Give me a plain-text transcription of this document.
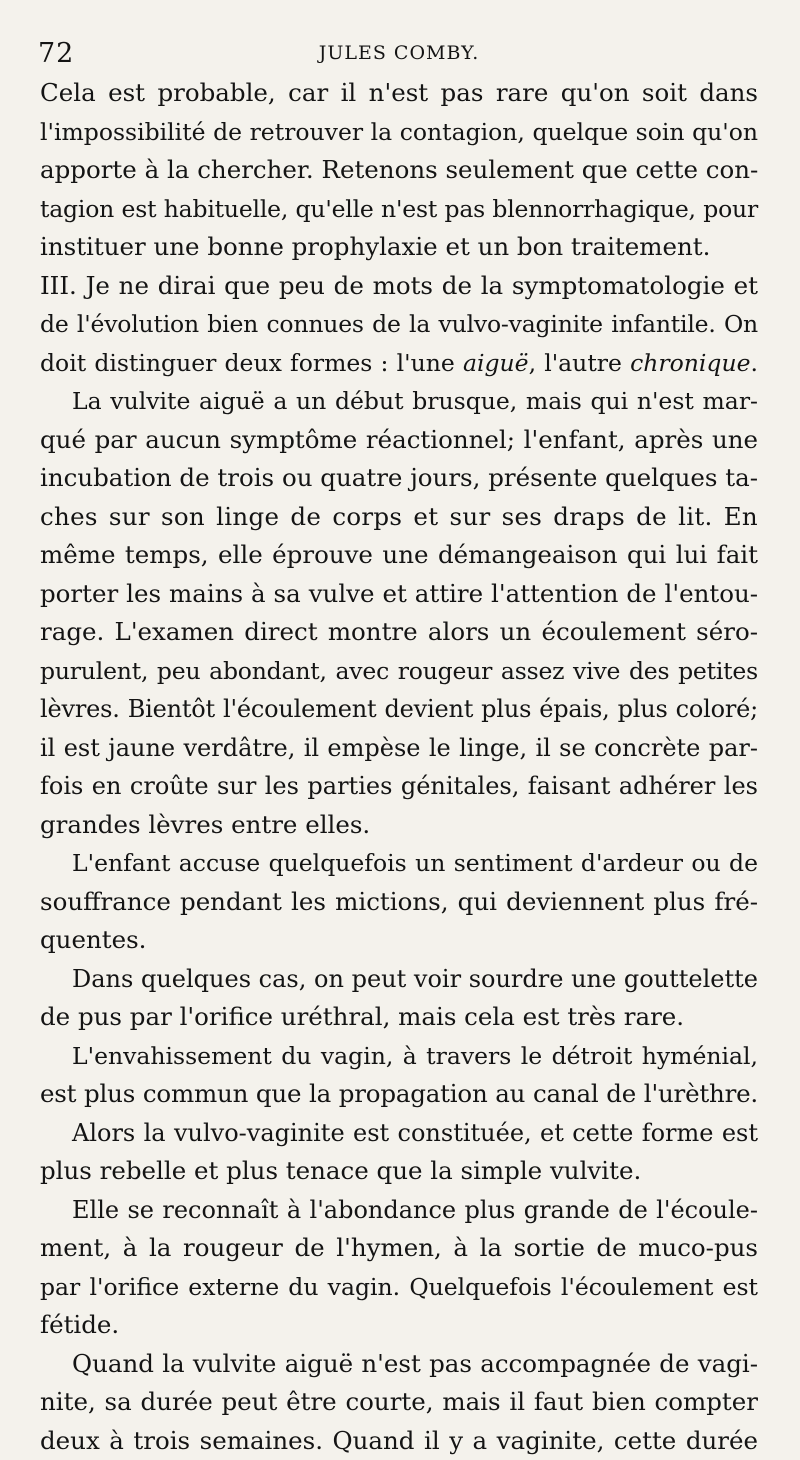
72	JULES COMBY.
Cela est probable, car il n'est pas rare qu'on soit dans
l'impossibilité de retrouver la contagion, quelque soin qu'on
apporte à la chercher. Retenons seulement que cette con-
tagion est habituelle, qu'elle n'est pas blennorrhagique, pour
instituer une bonne prophylaxie et un bon traitement.
III. Je ne dirai que peu de mots de la symptomatologie et
de l'évolution bien connues de la vulvo-vaginite infantile. On
doit distinguer deux formes : l'une aiguë, l'autre chronique.
La vulvite aiguë a un début brusque, mais qui n'est mar-
qué par aucun symptôme réactionnel; l'enfant, après une
incubation de trois ou quatre jours, présente quelques ta-
ches sur son linge de corps et sur ses draps de lit. En
même temps, elle éprouve une démangeaison qui lui fait
porter les mains à sa vulve et attire l'attention de l'entou-
rage. L'examen direct montre alors un écoulement séro-
purulent, peu abondant, avec rougeur assez vive des petites
lèvres. Bientôt l'écoulement devient plus épais, plus coloré;
il est jaune verdâtre, il empèse le linge, il se concrète par-
fois en croûte sur les parties génitales, faisant adhérer les
grandes lèvres entre elles.
L'enfant accuse quelquefois un sentiment d'ardeur ou de
souffrance pendant les mictions, qui deviennent plus fré-
quentes.
Dans quelques cas, on peut voir sourdre une gouttelette
de pus par l'orifice uréthral, mais cela est très rare.
L'envahissement du vagin, à travers le détroit hyménial,
est plus commun que la propagation au canal de l'urèthre.
Alors la vulvo-vaginite est constituée, et cette forme est
plus rebelle et plus tenace que la simple vulvite.
Elle se reconnaît à l'abondance plus grande de l'écoule-
ment, à la rougeur de l'hymen, à la sortie de muco-pus
par l'orifice externe du vagin. Quelquefois l'écoulement est
fétide.
Quand la vulvite aiguë n'est pas accompagnée de vagi-
nite, sa durée peut être courte, mais il faut bien compter
deux à trois semaines. Quand il y a vaginite, cette durée
